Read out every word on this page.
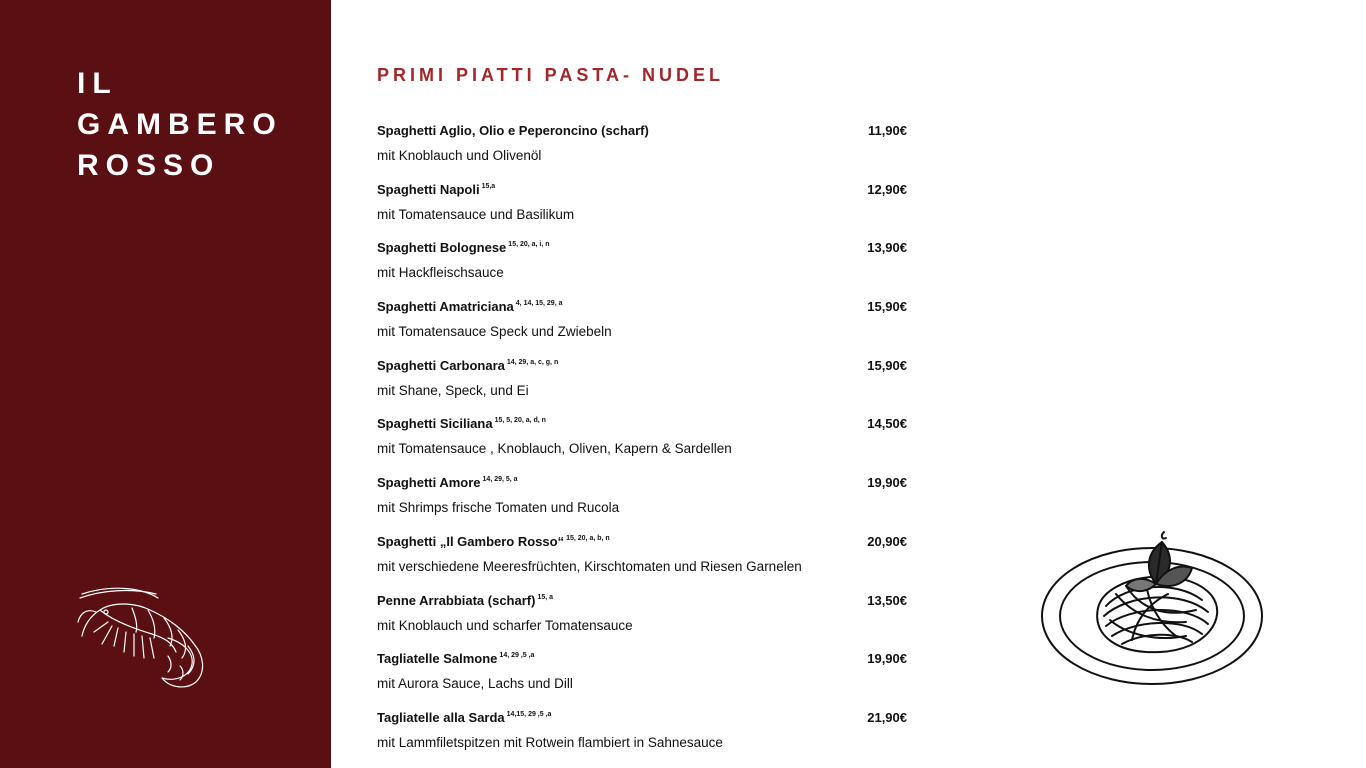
IL
GAMBERO
ROSSO
PRIMI PIATTI PASTA- NUDEL
Spaghetti Aglio, Olio e Peperoncino (scharf)	11,90€
mit Knoblauch und Olivenöl
Spaghetti Napoli $^{15,a}$	12,90€
mit Tomatensauce und Basilikum
Spaghetti Bolognese $^{15, 20, a, i, n}$	13,90€
mit Hackfleischsauce
Spaghetti Amatriciana $^{4, 14, 15, 29, a}$	15,90€
mit Tomatensauce Speck und Zwiebeln
Spaghetti Carbonara $^{14, 29, a, c, g, n}$	15,90€
mit Shane, Speck, und Ei
Spaghetti Siciliana $^{15, 5, 20, a, d, n}$	14,50€
mit Tomatensauce , Knoblauch, Oliven, Kapern & Sardellen
Spaghetti Amore $^{14, 29, 5, a}$	19,90€
mit Shrimps frische Tomaten und Rucola
Spaghetti „Il Gambero Rosso“ $^{15, 20, a, b, n}$	20,90€
mit verschiedene Meeresfrüchten, Kirschtomaten und Riesen Garnelen
Penne Arrabbiata (scharf) $^{15, a}$	13,50€
mit Knoblauch und scharfer Tomatensauce
Tagliatelle Salmone $^{14, 29 ,5 ,a}$	19,90€
mit Aurora Sauce, Lachs und Dill
Tagliatelle alla Sarda $^{14,15, 29 ,5 ,a}$	21,90€
mit Lammfiletspitzen mit Rotwein flambiert in Sahnesauce
